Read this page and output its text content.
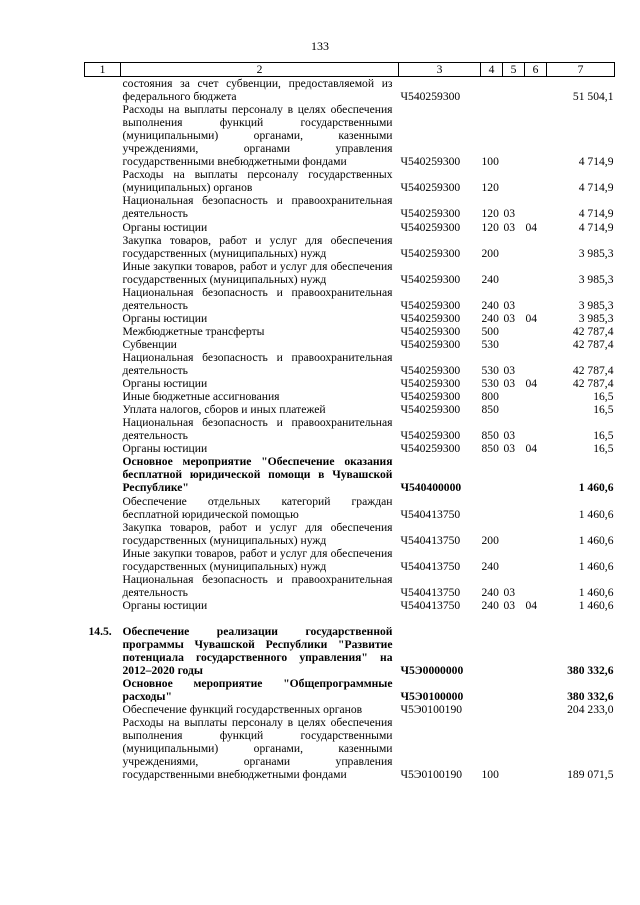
133
1	2	3	4	5	6	7
	состояния за счет субвенции, предоставляемой из федерального бюджета	Ч540259300				51 504,1
	Расходы на выплаты персоналу в целях обеспечения выполнения функций государственными (муниципальными) органами, казенными учреждениями, органами управления государственными внебюджетными фондами	Ч540259300	100			4 714,9
	Расходы на выплаты персоналу государственных (муниципальных) органов	Ч540259300	120			4 714,9
	Национальная безопасность и правоохранительная деятельность	Ч540259300	120	03		4 714,9
	Органы юстиции	Ч540259300	120	03	04	4 714,9
	Закупка товаров, работ и услуг для обеспечения государственных (муниципальных) нужд	Ч540259300	200			3 985,3
	Иные закупки товаров, работ и услуг для обеспечения государственных (муниципальных) нужд	Ч540259300	240			3 985,3
	Национальная безопасность и правоохранительная деятельность	Ч540259300	240	03		3 985,3
	Органы юстиции	Ч540259300	240	03	04	3 985,3
	Межбюджетные трансферты	Ч540259300	500			42 787,4
	Субвенции	Ч540259300	530			42 787,4
	Национальная безопасность и правоохранительная деятельность	Ч540259300	530	03		42 787,4
	Органы юстиции	Ч540259300	530	03	04	42 787,4
	Иные бюджетные ассигнования	Ч540259300	800			16,5
	Уплата налогов, сборов и иных платежей	Ч540259300	850			16,5
	Национальная безопасность и правоохранительная деятельность	Ч540259300	850	03		16,5
	Органы юстиции	Ч540259300	850	03	04	16,5
	Основное мероприятие "Обеспечение оказания бесплатной юридической помощи в Чувашской Республике"	Ч540400000				1 460,6
	Обеспечение отдельных категорий граждан бесплатной юридической помощью	Ч540413750				1 460,6
	Закупка товаров, работ и услуг для обеспечения государственных (муниципальных) нужд	Ч540413750	200			1 460,6
	Иные закупки товаров, работ и услуг для обеспечения государственных (муниципальных) нужд	Ч540413750	240			1 460,6
	Национальная безопасность и правоохранительная деятельность	Ч540413750	240	03		1 460,6
	Органы юстиции	Ч540413750	240	03	04	1 460,6

14.5.	Обеспечение реализации государственной программы Чувашской Республики "Развитие потенциала государственного управления" на 2012–2020 годы	Ч5Э0000000				380 332,6
	Основное мероприятие "Общепрограммные расходы"	Ч5Э0100000				380 332,6
	Обеспечение функций государственных органов	Ч5Э0100190				204 233,0
	Расходы на выплаты персоналу в целях обеспечения выполнения функций государственными (муниципальными) органами, казенными учреждениями, органами управления государственными внебюджетными фондами	Ч5Э0100190	100			189 071,5
